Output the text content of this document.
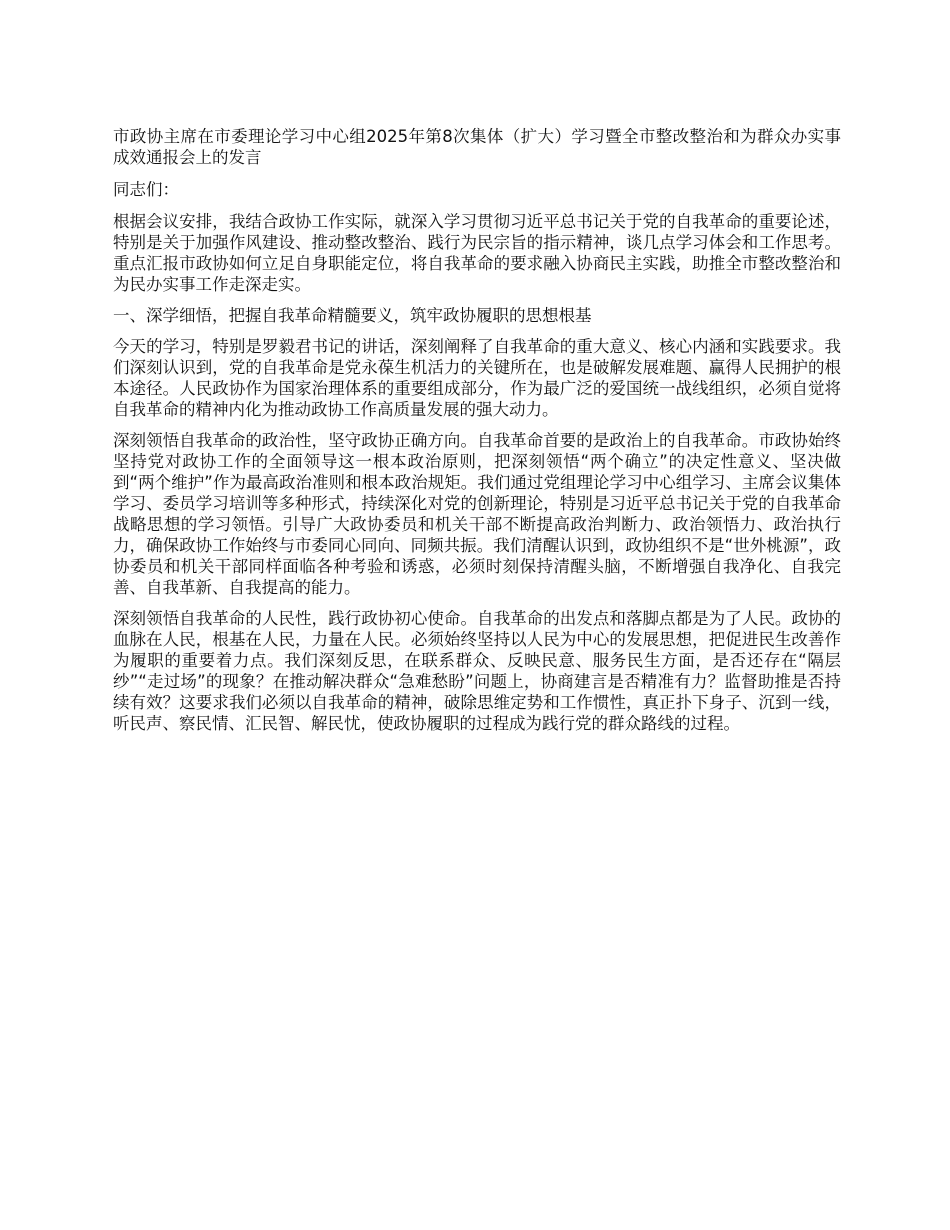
市政协主席在市委理论学习中心组2025年第8次集体（扩大）学习暨全市整改整治和为群众办实事成效通报会上的发言

同志们：

根据会议安排，我结合政协工作实际，就深入学习贯彻习近平总书记关于党的自我革命的重要论述，特别是关于加强作风建设、推动整改整治、践行为民宗旨的指示精神，谈几点学习体会和工作思考。重点汇报市政协如何立足自身职能定位，将自我革命的要求融入协商民主实践，助推全市整改整治和为民办实事工作走深走实。

一、深学细悟，把握自我革命精髓要义，筑牢政协履职的思想根基

今天的学习，特别是罗毅君书记的讲话，深刻阐释了自我革命的重大意义、核心内涵和实践要求。我们深刻认识到，党的自我革命是党永葆生机活力的关键所在，也是破解发展难题、赢得人民拥护的根本途径。人民政协作为国家治理体系的重要组成部分，作为最广泛的爱国统一战线组织，必须自觉将自我革命的精神内化为推动政协工作高质量发展的强大动力。

深刻领悟自我革命的政治性，坚守政协正确方向。自我革命首要的是政治上的自我革命。市政协始终坚持党对政协工作的全面领导这一根本政治原则，把深刻领悟“两个确立”的决定性意义、坚决做到“两个维护”作为最高政治准则和根本政治规矩。我们通过党组理论学习中心组学习、主席会议集体学习、委员学习培训等多种形式，持续深化对党的创新理论，特别是习近平总书记关于党的自我革命战略思想的学习领悟。引导广大政协委员和机关干部不断提高政治判断力、政治领悟力、政治执行力，确保政协工作始终与市委同心同向、同频共振。我们清醒认识到，政协组织不是“世外桃源”，政协委员和机关干部同样面临各种考验和诱惑，必须时刻保持清醒头脑，不断增强自我净化、自我完善、自我革新、自我提高的能力。

深刻领悟自我革命的人民性，践行政协初心使命。自我革命的出发点和落脚点都是为了人民。政协的血脉在人民，根基在人民，力量在人民。必须始终坚持以人民为中心的发展思想，把促进民生改善作为履职的重要着力点。我们深刻反思，在联系群众、反映民意、服务民生方面，是否还存在“隔层纱”“走过场”的现象？在推动解决群众“急难愁盼”问题上，协商建言是否精准有力？监督助推是否持续有效？这要求我们必须以自我革命的精神，破除思维定势和工作惯性，真正扑下身子、沉到一线，听民声、察民情、汇民智、解民忧，使政协履职的过程成为践行党的群众路线的过程。
